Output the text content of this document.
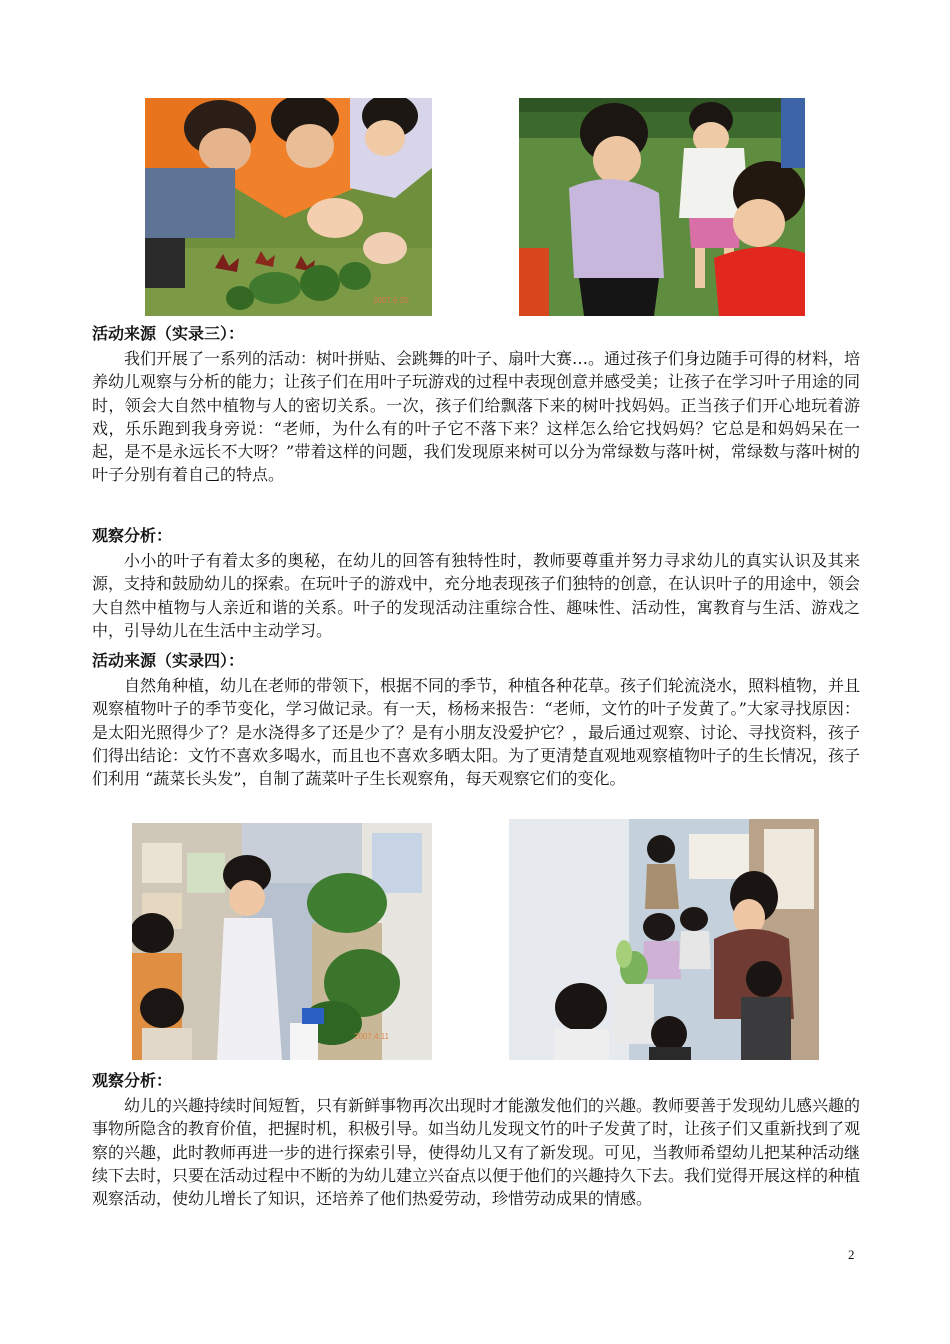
2007.6.20
活动来源（实录三）：

我们开展了一系列的活动：树叶拼贴、会跳舞的叶子、扇叶大赛…。通过孩子们身边随手可得的材料，培养幼儿观察与分析的能力；让孩子们在用叶子玩游戏的过程中表现创意并感受美；让孩子在学习叶子用途的同时，领会大自然中植物与人的密切关系。一次，孩子们给飘落下来的树叶找妈妈。正当孩子们开心地玩着游戏，乐乐跑到我身旁说：“老师，为什么有的叶子它不落下来？这样怎么给它找妈妈？它总是和妈妈呆在一起，是不是永远长不大呀？”带着这样的问题，我们发现原来树可以分为常绿数与落叶树，常绿数与落叶树的叶子分别有着自己的特点。

观察分析：

小小的叶子有着太多的奥秘，在幼儿的回答有独特性时，教师要尊重并努力寻求幼儿的真实认识及其来源，支持和鼓励幼儿的探索。在玩叶子的游戏中，充分地表现孩子们独特的创意，在认识叶子的用途中，领会大自然中植物与人亲近和谐的关系。叶子的发现活动注重综合性、趣味性、活动性，寓教育与生活、游戏之中，引导幼儿在生活中主动学习。

活动来源（实录四）：

自然角种植，幼儿在老师的带领下，根据不同的季节，种植各种花草。孩子们轮流浇水，照料植物，并且观察植物叶子的季节变化，学习做记录。有一天，杨杨来报告：“老师，文竹的叶子发黄了。”大家寻找原因：是太阳光照得少了？是水浇得多了还是少了？是有小朋友没爱护它？，最后通过观察、讨论、寻找资料，孩子们得出结论：文竹不喜欢多喝水，而且也不喜欢多晒太阳。为了更清楚直观地观察植物叶子的生长情况，孩子们利用 “蔬菜长头发”，自制了蔬菜叶子生长观察角，每天观察它们的变化。

2007.4.11
观察分析：

幼儿的兴趣持续时间短暂，只有新鲜事物再次出现时才能激发他们的兴趣。教师要善于发现幼儿感兴趣的事物所隐含的教育价值，把握时机，积极引导。如当幼儿发现文竹的叶子发黄了时，让孩子们又重新找到了观察的兴趣，此时教师再进一步的进行探索引导，使得幼儿又有了新发现。可见，当教师希望幼儿把某种活动继续下去时，只要在活动过程中不断的为幼儿建立兴奋点以便于他们的兴趣持久下去。我们觉得开展这样的种植观察活动，使幼儿增长了知识，还培养了他们热爱劳动，珍惜劳动成果的情感。

2
